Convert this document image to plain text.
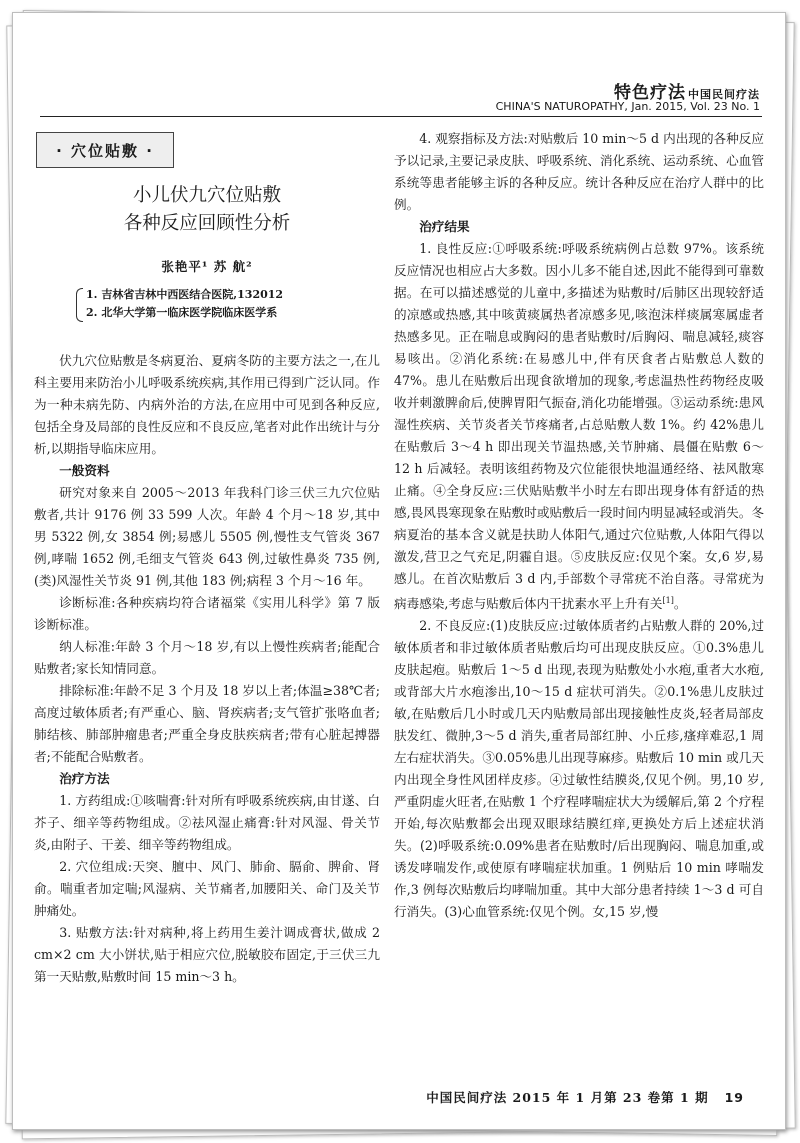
特色疗法 中国民间疗法
CHINA'S NATUROPATHY, Jan. 2015, Vol. 23 No. 1
· 穴位贴敷 ·
小儿伏九穴位贴敷
各种反应回顾性分析
张艳平¹ 苏 航²
1. 吉林省吉林中西医结合医院,132012
2. 北华大学第一临床医学院临床医学系

伏九穴位贴敷是冬病夏治、夏病冬防的主要方法之一,在儿科主要用来防治小儿呼吸系统疾病,其作用已得到广泛认同。作为一种未病先防、内病外治的方法,在应用中可见到各种反应,包括全身及局部的良性反应和不良反应,笔者对此作出统计与分析,以期指导临床应用。

一般资料

研究对象来自 2005～2013 年我科门诊三伏三九穴位贴敷者,共计 9176 例 33 599 人次。年龄 4 个月～18 岁,其中男 5322 例,女 3854 例;易感儿 5505 例,慢性支气管炎 367 例,哮喘 1652 例,毛细支气管炎 643 例,过敏性鼻炎 735 例,(类)风湿性关节炎 91 例,其他 183 例;病程 3 个月～16 年。

诊断标准:各种疾病均符合诸福棠《实用儿科学》第 7 版诊断标准。

纳人标准:年龄 3 个月～18 岁,有以上慢性疾病者;能配合贴敷者;家长知情同意。

排除标准:年龄不足 3 个月及 18 岁以上者;体温≥38℃者;高度过敏体质者;有严重心、脑、肾疾病者;支气管扩张咯血者;肺结核、肺部肿瘤患者;严重全身皮肤疾病者;带有心脏起搏器者;不能配合贴敷者。

治疗方法

1. 方药组成:①咳喘膏:针对所有呼吸系统疾病,由甘遂、白芥子、细辛等药物组成。②祛风湿止痛膏:针对风湿、骨关节炎,由附子、干姜、细辛等药物组成。

2. 穴位组成:天突、膻中、风门、肺俞、膈俞、脾俞、肾俞。喘重者加定喘;风湿病、关节痛者,加腰阳关、命门及关节肿痛处。

3. 贴敷方法:针对病种,将上药用生姜汁调成膏状,做成 2 cm×2 cm 大小饼状,贴于相应穴位,脱敏胶布固定,于三伏三九第一天贴敷,贴敷时间 15 min～3 h。

4. 观察指标及方法:对贴敷后 10 min～5 d 内出现的各种反应予以记录,主要记录皮肤、呼吸系统、消化系统、运动系统、心血管系统等患者能够主诉的各种反应。统计各种反应在治疗人群中的比例。

治疗结果

1. 良性反应:①呼吸系统:呼吸系统病例占总数 97%。该系统反应情况也相应占大多数。因小儿多不能自述,因此不能得到可靠数据。在可以描述感觉的儿童中,多描述为贴敷时/后肺区出现较舒适的凉感或热感,其中咳黄痰属热者凉感多见,咳泡沫样痰属寒属虚者热感多见。正在喘息或胸闷的患者贴敷时/后胸闷、喘息减轻,痰容易咳出。②消化系统:在易感儿中,伴有厌食者占贴敷总人数的 47%。患儿在贴敷后出现食欲增加的现象,考虑温热性药物经皮吸收并刺激脾俞后,使脾胃阳气振奋,消化功能增强。③运动系统:患风湿性疾病、关节炎者关节疼痛者,占总贴敷人数 1%。约 42%患儿在贴敷后 3～4 h 即出现关节温热感,关节肿痛、晨僵在贴敷 6～12 h 后减轻。表明该组药物及穴位能很快地温通经络、祛风散寒止痛。④全身反应:三伏贴贴敷半小时左右即出现身体有舒适的热感,畏风畏寒现象在贴敷时或贴敷后一段时间内明显减轻或消失。冬病夏治的基本含义就是扶助人体阳气,通过穴位贴敷,人体阳气得以激发,营卫之气充足,阴霾自退。⑤皮肤反应:仅见个案。女,6 岁,易感儿。在首次贴敷后 3 d 内,手部数个寻常疣不治自落。寻常疣为病毒感染,考虑与贴敷后体内干扰素水平上升有关[1]。

2. 不良反应:(1)皮肤反应:过敏体质者约占贴敷人群的 20%,过敏体质者和非过敏体质者贴敷后均可出现皮肤反应。①0.3%患儿皮肤起疱。贴敷后 1～5 d 出现,表现为贴敷处小水疱,重者大水疱,或背部大片水疱渗出,10～15 d 症状可消失。②0.1%患儿皮肤过敏,在贴敷后几小时或几天内贴敷局部出现接触性皮炎,轻者局部皮肤发红、微肿,3～5 d 消失,重者局部红肿、小丘疹,瘙痒难忍,1 周左右症状消失。③0.05%患儿出现荨麻疹。贴敷后 10 min 或几天内出现全身性风团样皮疹。④过敏性结膜炎,仅见个例。男,10 岁,严重阴虚火旺者,在贴敷 1 个疗程哮喘症状大为缓解后,第 2 个疗程开始,每次贴敷都会出现双眼球结膜红痒,更换处方后上述症状消失。(2)呼吸系统:0.09%患者在贴敷时/后出现胸闷、喘息加重,或诱发哮喘发作,或使原有哮喘症状加重。1 例贴后 10 min 哮喘发作,3 例每次贴敷后均哮喘加重。其中大部分患者持续 1～3 d 可自行消失。(3)心血管系统:仅见个例。女,15 岁,慢

中国民间疗法 2015 年 1 月第 23 卷第 1 期 19
